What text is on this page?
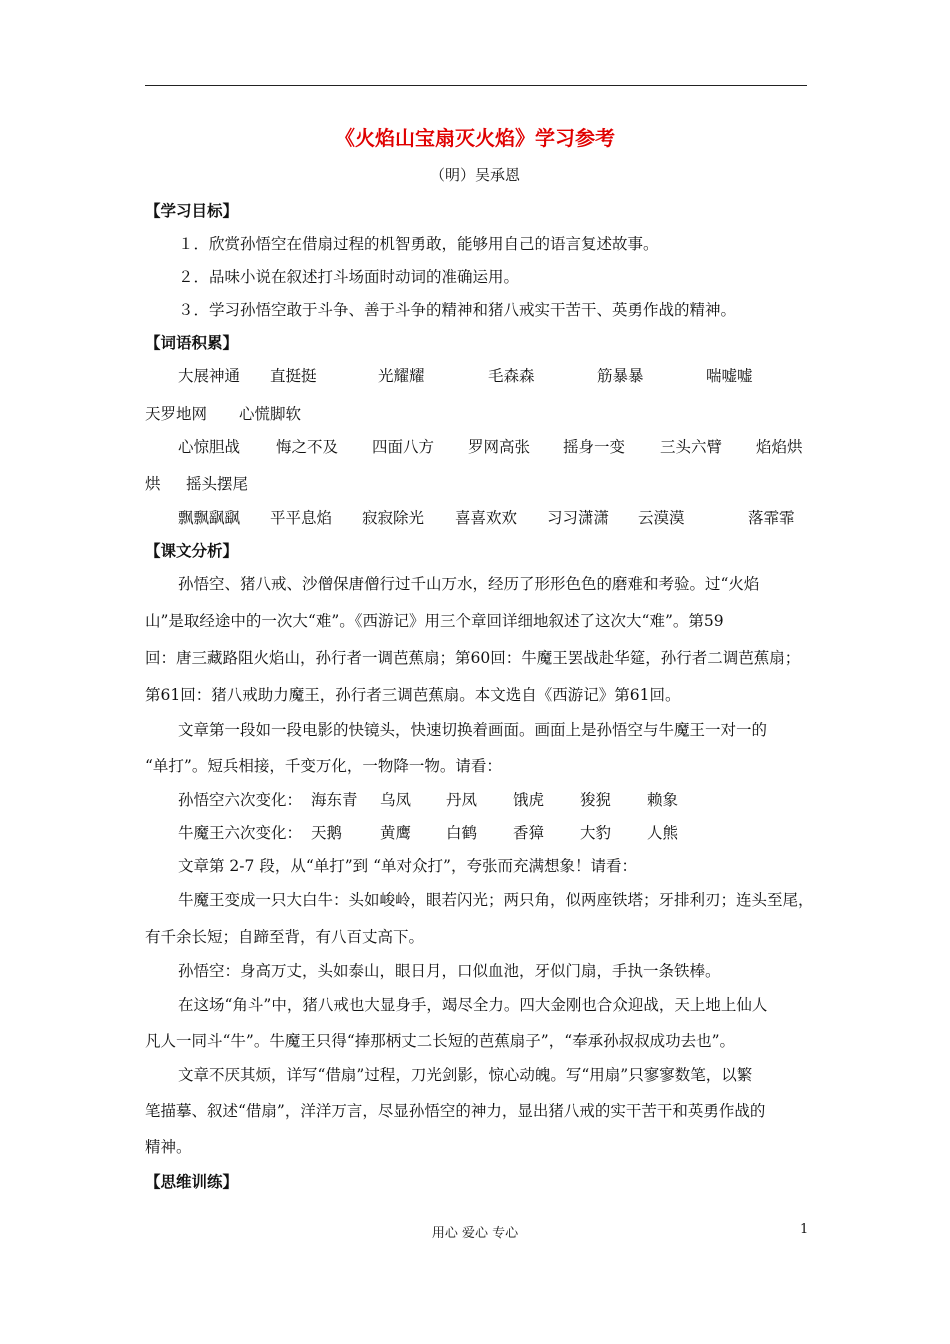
《火焰山宝扇灭火焰》学习参考
（明）吴承恩
【学习目标】
１．欣赏孙悟空在借扇过程的机智勇敢，能够用自己的语言复述故事。
２．品味小说在叙述打斗场面时动词的准确运用。
３．学习孙悟空敢于斗争、善于斗争的精神和猪八戒实干苦干、英勇作战的精神。
【词语积累】
大展神通 直挺挺	光耀耀	毛森森	筋暴暴	喘嘘嘘
天罗地网 心慌脚软
心惊胆战 悔之不及 四面八方 罗网高张 摇身一变 三头六臂 焰焰烘
烘 摇头摆尾
飘飘飖飖 平平息焰 寂寂除光 喜喜欢欢 习习潇潇 云漠漠	落霏霏
【课文分析】
孙悟空、猪八戒、沙僧保唐僧行过千山万水，经历了形形色色的磨难和考验。过“火焰
山”是取经途中的一次大“难”。《西游记》用三个章回详细地叙述了这次大“难”。第59
回：唐三藏路阻火焰山，孙行者一调芭蕉扇；第60回：牛魔王罢战赴华筵，孙行者二调芭蕉扇；
第61回：猪八戒助力魔王，孙行者三调芭蕉扇。本文选自《西游记》第61回。
文章第一段如一段电影的快镜头，快速切换着画面。画面上是孙悟空与牛魔王一对一的
“单打”。短兵相接，千变万化，一物降一物。请看：
孙悟空六次变化： 海东青 乌凤 丹凤 饿虎 狻猊 赖象
牛魔王六次变化： 天鹅 黄鹰 白鹤 香獐 大豹 人熊
文章第 2-7 段，从“单打”到 “单对众打”，夸张而充满想象！请看：
牛魔王变成一只大白牛：头如峻岭，眼若闪光；两只角，似两座铁塔；牙排利刃；连头至尾，
有千余长短；自蹄至背，有八百丈高下。
孙悟空：身高万丈，头如泰山，眼日月，口似血池，牙似门扇，手执一条铁棒。
在这场“角斗”中，猪八戒也大显身手，竭尽全力。四大金刚也合众迎战，天上地上仙人
凡人一同斗“牛”。牛魔王只得“捧那柄丈二长短的芭蕉扇子”，“奉承孙叔叔成功去也”。
文章不厌其烦，详写“借扇”过程，刀光剑影，惊心动魄。写“用扇”只寥寥数笔，以繁
笔描摹、叙述“借扇”，洋洋万言，尽显孙悟空的神力，显出猪八戒的实干苦干和英勇作战的
精神。
【思维训练】
用心 爱心 专心	1
